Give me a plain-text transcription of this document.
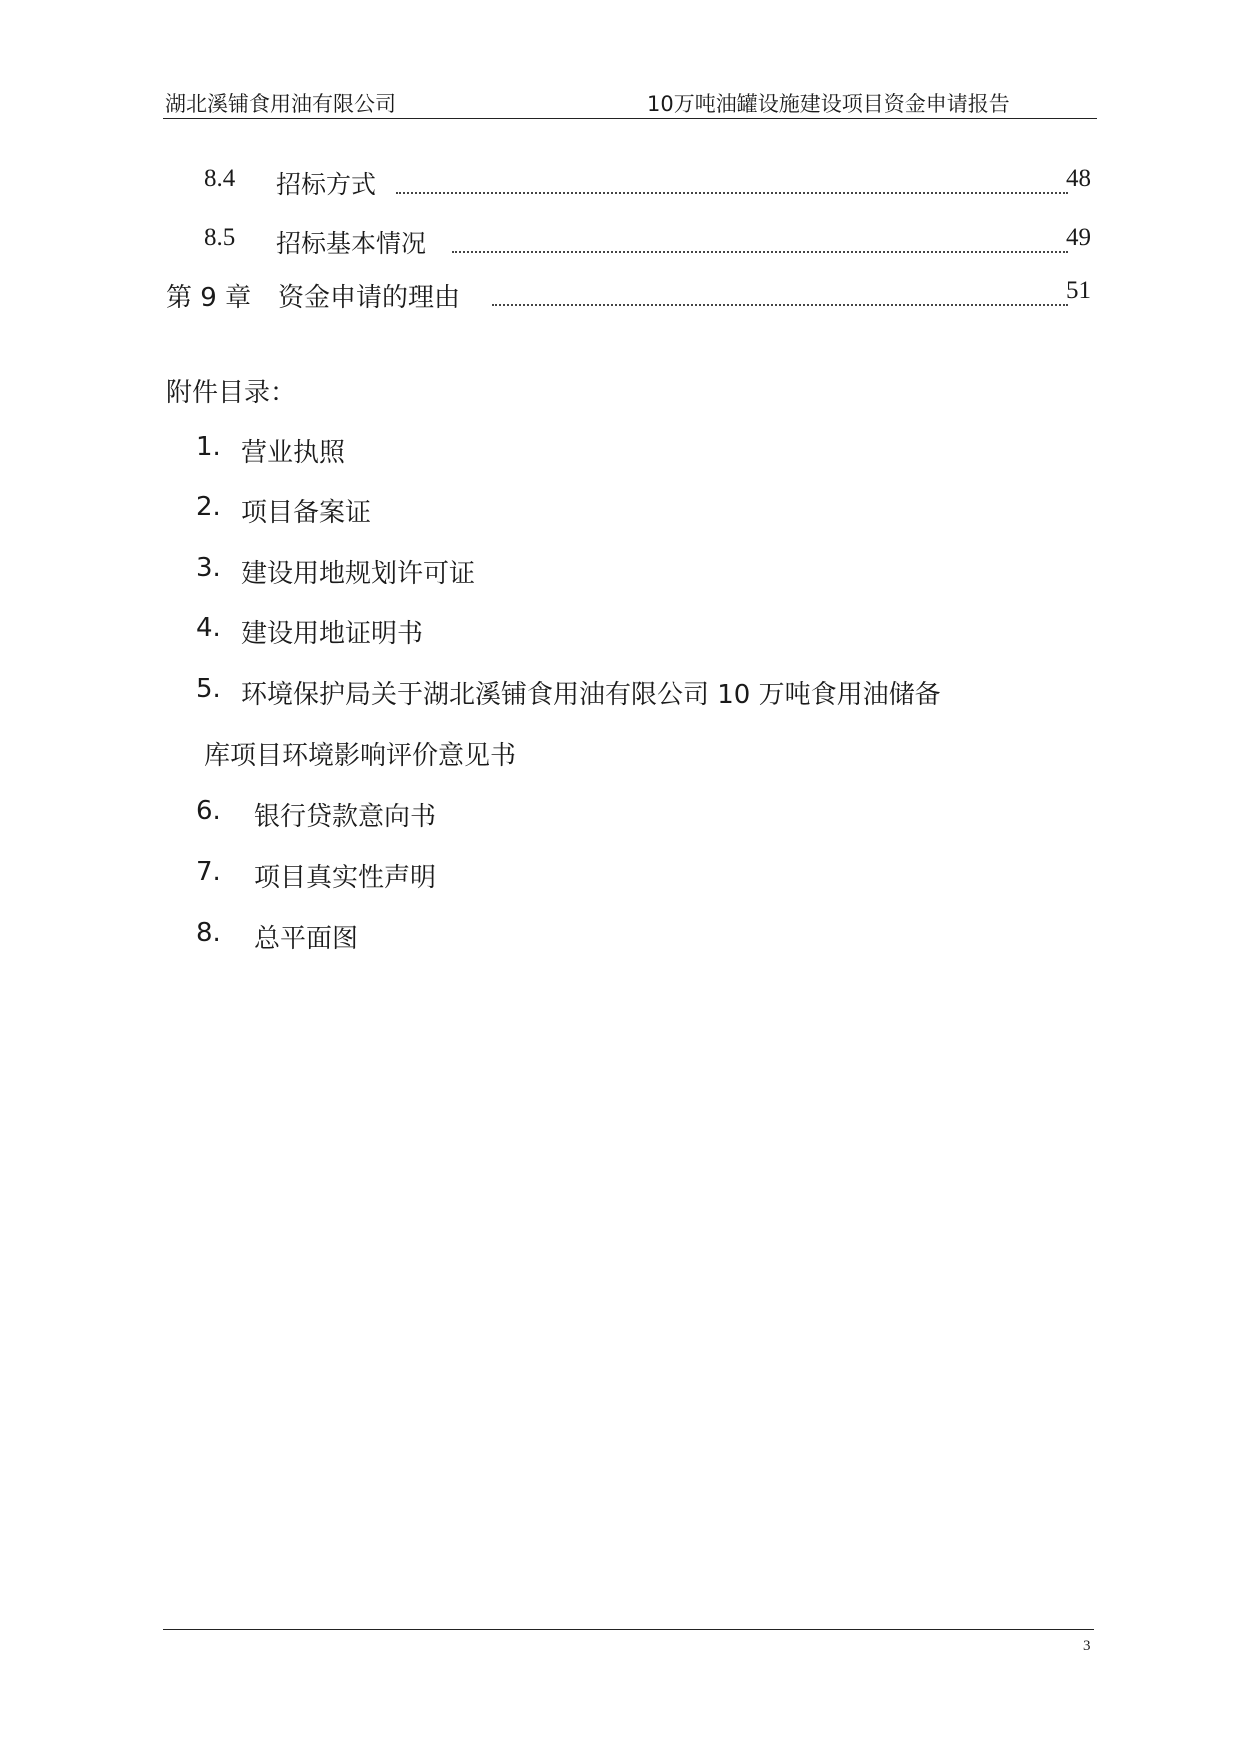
湖北溪铺食用油有限公司	10万吨油罐设施建设项目资金申请报告
8.4 招标方式	48
8.5 招标基本情况	49
第 9 章 资金申请的理由	51
附件目录：
1. 营业执照
2. 项目备案证
3. 建设用地规划许可证
4. 建设用地证明书
5. 环境保护局关于湖北溪铺食用油有限公司 10 万吨食用油储备
库项目环境影响评价意见书
6. 银行贷款意向书
7. 项目真实性声明
8. 总平面图
3
